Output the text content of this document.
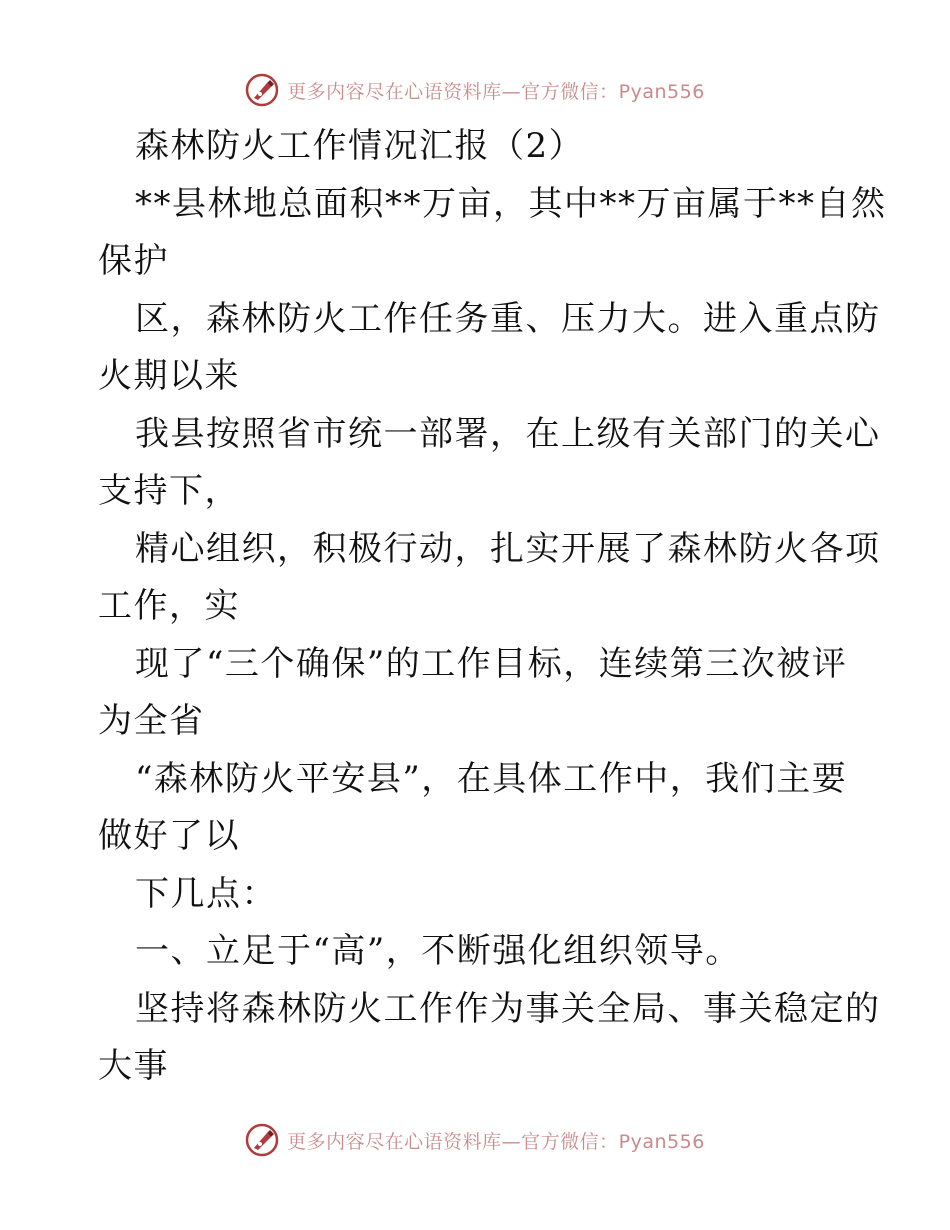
更多内容尽在心语资料库—官方微信：Pyan556
森林防火工作情况汇报（2）
**县林地总面积**万亩，其中**万亩属于**自然
保护
区，森林防火工作任务重、压力大。进入重点防
火期以来
我县按照省市统一部署，在上级有关部门的关心
支持下，
精心组织，积极行动，扎实开展了森林防火各项
工作，实
现了“三个确保”的工作目标，连续第三次被评
为全省
“森林防火平安县”，在具体工作中，我们主要
做好了以
下几点：
一、立足于“高”，不断强化组织领导。
坚持将森林防火工作作为事关全局、事关稳定的
大事
更多内容尽在心语资料库—官方微信：Pyan556
